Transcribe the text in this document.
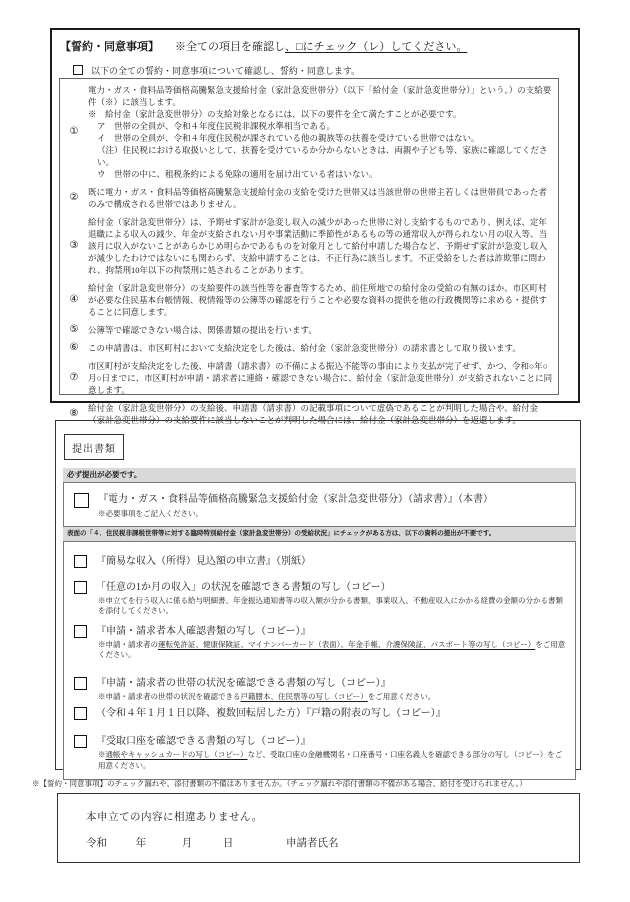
【誓約・同意事項】 ※全ての項目を確認し、□にチェック（レ）してください。
以下の全ての誓約・同意事項について確認し、誓約・同意します。
①
電力・ガス・食料品等価格高騰緊急支援給付金（家計急変世帯分）（以下「給付金（家計急変世帯分）」という。）の支給要件（※）に該当します。
※　給付金（家計急変世帯分）の支給対象となるには、以下の要件を全て満たすことが必要です。
ア　世帯の全員が、令和４年度住民税非課税水準相当である。
イ　世帯の全員が、令和４年度住民税が課されている他の親族等の扶養を受けている世帯ではない。
（注）住民税における取扱いとして、扶養を受けているか分からないときは、両親や子ども等、家族に確認してください。
ウ　世帯の中に、租税条約による免除の適用を届け出ている者はいない。
②	既に電力・ガス・食料品等価格高騰緊急支援給付金の支給を受けた世帯又は当該世帯の世帯主若しくは世帯員であった者のみで構成される世帯ではありません。
③
給付金（家計急変世帯分）は、予期せず家計が急変し収入の減少があった世帯に対し支給するものであり、例えば、定年退職による収入の減少、年金が支給されない月や事業活動に季節性があるもの等の通常収入が得られない月の収入等、当該月に収入がないことがあらかじめ明らかであるものを対象月として給付申請した場合など、予期せず家計が急変し収入が減少したわけではないにも関わらず、支給申請することは、不正行為に該当します。不正受給をした者は詐欺罪に問われ、拘禁刑10年以下の拘禁刑に処されることがあります。
④
給付金（家計急変世帯分）の支給要件の該当性等を審査等するため、前住所地での給付金の受給の有無のほか、市区町村が必要な住民基本台帳情報、税情報等の公簿等の確認を行うことや必要な資料の提供を他の行政機関等に求める・提供することに同意します。
⑤	公簿等で確認できない場合は、関係書類の提出を行います。
⑥	この申請書は、市区町村において支給決定をした後は、給付金（家計急変世帯分）の請求書として取り扱います。
⑦
市区町村が支給決定をした後、申請書（請求書）の不備による振込不能等の事由により支払が完了せず、かつ、令和○年○月○日までに、市区町村が申請・請求者に連絡・確認できない場合に、給付金（家計急変世帯分）が支給されないことに同意します。
⑧	給付金（家計急変世帯分）の支給後、申請書（請求書）の記載事項について虚偽であることが判明した場合や、給付金（家計急変世帯分）の支給要件に該当しないことが判明した場合には、給付金（家計急変世帯分）を返還します。
提出書類
必ず提出が必要です。
『電力・ガス・食料品等価格高騰緊急支援給付金（家計急変世帯分）（請求書）』（本書）
※必要事項をご記入ください。
表面の「４．住民税非課税世帯等に対する臨時特別給付金（家計急変世帯分）の受給状況」にチェックがある方は、以下の資料の提出が不要です。
『簡易な収入（所得）見込額の申立書』（別紙）
「任意の1か月の収入」の状況を確認できる書類の写し（コピー）
※申立てを行う収入に係る給与明細書、年金振込通知書等の収入額が分かる書類、事業収入、不動産収入にかかる経費の金額の分かる書類を添付してください。
『申請・請求者本人確認書類の写し（コピー）』
※申請・請求者の運転免許証、健康保険証、マイナンバーカード（表面）、年金手帳、介護保険証、パスポート等の写し（コピー）をご用意ください。
『申請・請求者の世帯の状況を確認できる書類の写し（コピー）』
※申請・請求者の世帯の状況を確認できる戸籍謄本、住民票等の写し（コピー）をご用意ください。
（令和４年１月１日以降、複数回転居した方）『戸籍の附表の写し（コピー）』
『受取口座を確認できる書類の写し（コピー）』
※通帳やキャッシュカードの写し（コピー）など、受取口座の金融機関名・口座番号・口座名義人を確認できる部分の写し（コピー）をご用意ください。
※【誓約・同意事項】のチェック漏れや、添付書類の不備はありませんか。（チェック漏れや添付書類の不備がある場合、給付を受けられません。）
本申立ての内容に相違ありません。
令和	年	月	日	申請者氏名
